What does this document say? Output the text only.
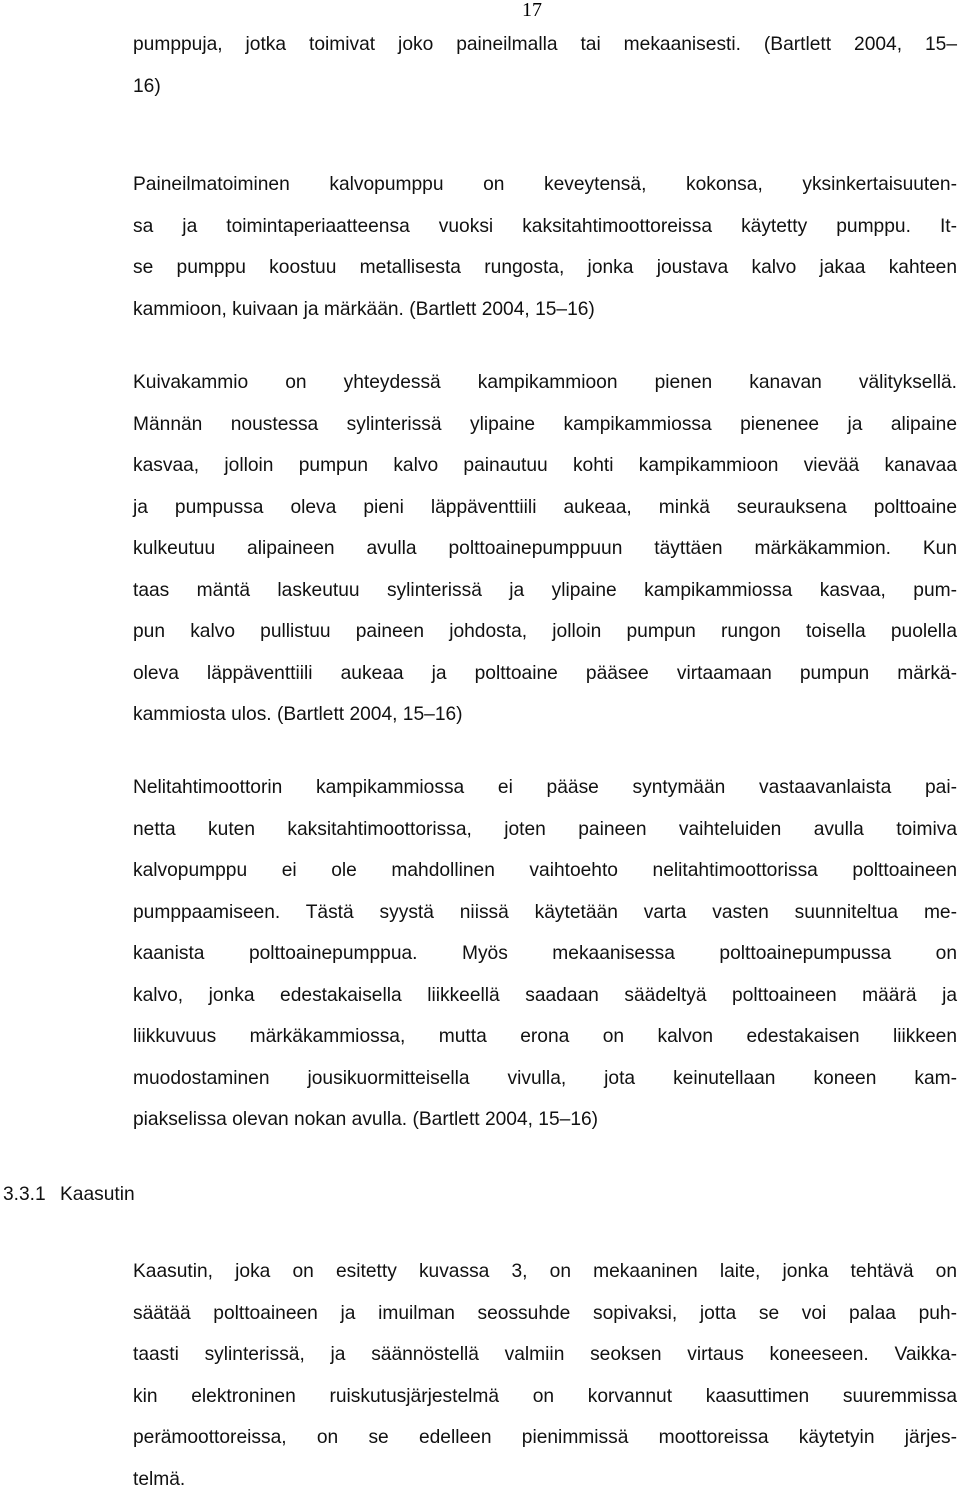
17
pumppuja, jotka toimivat joko paineilmalla tai mekaanisesti. (Bartlett 2004, 15–
16)
Paineilmatoiminen kalvopumppu on keveytensä, kokonsa, yksinkertaisuuten-
sa ja toimintaperiaatteensa vuoksi kaksitahtimoottoreissa käytetty pumppu. It-
se pumppu koostuu metallisesta rungosta, jonka joustava kalvo jakaa kahteen
kammioon, kuivaan ja märkään. (Bartlett 2004, 15–16)
Kuivakammio on yhteydessä kampikammioon pienen kanavan välityksellä.
Männän noustessa sylinterissä ylipaine kampikammiossa pienenee ja alipaine
kasvaa, jolloin pumpun kalvo painautuu kohti kampikammioon vievää kanavaa
ja pumpussa oleva pieni läppäventtiili aukeaa, minkä seurauksena polttoaine
kulkeutuu alipaineen avulla polttoainepumppuun täyttäen märkäkammion. Kun
taas mäntä laskeutuu sylinterissä ja ylipaine kampikammiossa kasvaa, pum-
pun kalvo pullistuu paineen johdosta, jolloin pumpun rungon toisella puolella
oleva läppäventtiili aukeaa ja polttoaine pääsee virtaamaan pumpun märkä-
kammiosta ulos. (Bartlett 2004, 15–16)
Nelitahtimoottorin kampikammiossa ei pääse syntymään vastaavanlaista pai-
netta kuten kaksitahtimoottorissa, joten paineen vaihteluiden avulla toimiva
kalvopumppu ei ole mahdollinen vaihtoehto nelitahtimoottorissa polttoaineen
pumppaamiseen. Tästä syystä niissä käytetään varta vasten suunniteltua me-
kaanista polttoainepumppua. Myös mekaanisessa polttoainepumpussa on
kalvo, jonka edestakaisella liikkeellä saadaan säädeltyä polttoaineen määrä ja
liikkuvuus märkäkammiossa, mutta erona on kalvon edestakaisen liikkeen
muodostaminen jousikuormitteisella vivulla, jota keinutellaan koneen kam-
piakselissa olevan nokan avulla. (Bartlett 2004, 15–16)
3.3.1 Kaasutin
Kaasutin, joka on esitetty kuvassa 3, on mekaaninen laite, jonka tehtävä on
säätää polttoaineen ja imuilman seossuhde sopivaksi, jotta se voi palaa puh-
taasti sylinterissä, ja säännöstellä valmiin seoksen virtaus koneeseen. Vaikka-
kin elektroninen ruiskutusjärjestelmä on korvannut kaasuttimen suuremmissa
perämoottoreissa, on se edelleen pienimmissä moottoreissa käytetyin järjes-
telmä.
